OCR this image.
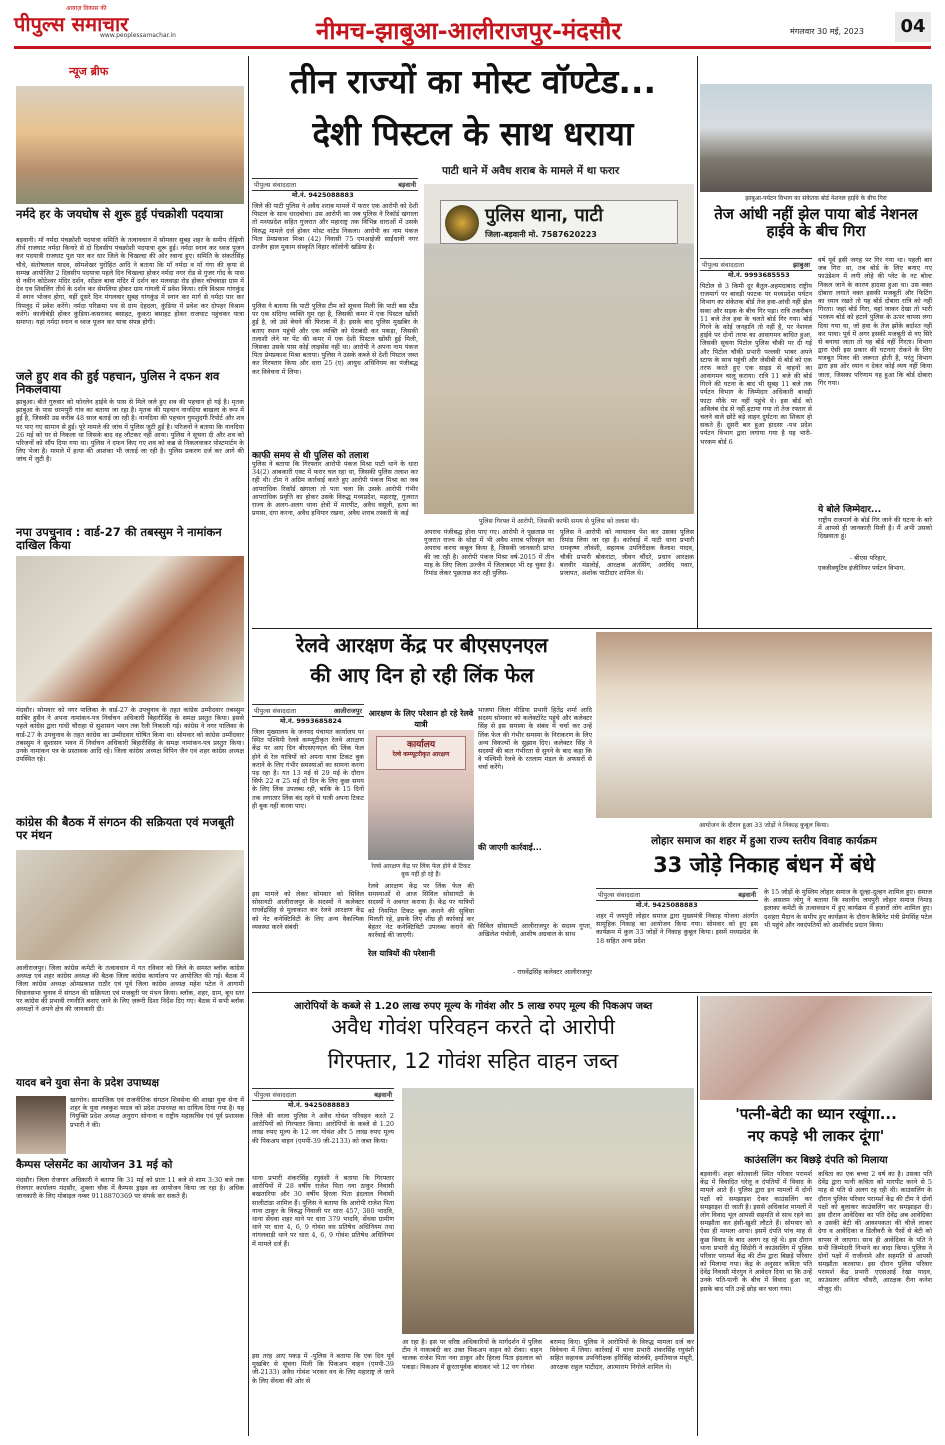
आवाज़ विकास की
पीपुल्स समाचार
www.peoplessamachar.in	नीमच-झाबुआ-आलीराजपुर-मंदसौर	मंगलवार 30 मई, 2023	04
न्यूज ब्रीफ
नर्मदे हर के जयघोष से शुरू हुई पंचक्रोशी पदयात्रा
बड़वानी। माँ नर्मदा पंचक्रोशी पदयात्रा समिति के तत्वावधान में सोमवार सुबह शहर के समीप रोहिणी तीर्थ राजघाट नर्मदा किनारे से दो दिवसीय पंचक्रोशी पदयात्रा शुरू हुई। नर्मदा स्नान कर ध्वज पूजन कर पदयात्री राजघाट पुल पार कर धार जिले के चिखल्दा की ओर रवाना हुए। समिति के संकर्तसिंह चौधे, संतोषलाल यादव, सोमशेखर पुरोहित आदि ने बताया कि माँ नर्मदा व माँ गंगा की कृपा से सम्पन्न आयोजित 2 दिवसीय पदयात्रा पहले दिन चिखल्दा होकर नर्मदा नगर रोड से गुजर गोद के पास से नवीन कोटेश्वर मंदिर दर्शन, सोंडल बावा मंदिर में दर्शन कर मलवाड़ा रोड होकर चोचवाड़ा ग्राम में देव एव शिवलिंग तीर्थ के दर्शन कर सेमलिया होकर ग्राम गांगली में प्रवेश किया। रात्रि विश्राम गांगकुंड में स्नान भोजन होगा, वहीं दूसरे दिन मंगलवार सुबह गांगकुंड में स्नान कर मार्ग से नर्मदा पार कर पिपलूद में प्रवेश करेंगे। नर्मदा परिक्रमा पथ से ग्राम देहदला, कुंडिया में प्रवेश कर दोपहर विश्राम करेंगे। कालीबेड़ी होकर कुंडिया-कसरावद बसाहट, कुकरा बसाहट होकर राजघाट पहुंचकर यात्रा समाप्त। यहां नर्मदा स्नान व ध्वज पूजन कर यात्रा संपन्न होगी।
जले हुए शव की हुई पहचान, पुलिस ने दफन शव निकलवाया
झाबुआ। बीते गुरुवार को फोरलेन हाईवे के पास से मिले जले हुए शव की पहचान हो गई है। मृतक झाबुआ के पास धरमपुरी गांव का बताया जा रहा है। मृतक की पहचान नानदिया बाखला के रूप में हुई है, जिसकी उम्र करीब 48 साल बताई जा रही है। नानदिया की पहचान गुमशुदगी रिपोर्ट और शव पर पाए गए सामान से हुई। पूरे मामले की जांच में पुलिस जुटी हुई है। परिजनों ने बताया कि नानदिया 26 मई को घर से निकला था जिसके बाद वह लौटकर नहीं आया। पुलिस ने सूचना दी और शव को परिजनों को सौंप दिया गया था। पुलिस ने दफन किए गए शव को कब्र से निकलवाकर पोस्टमार्टम के लिए भेजा है। मामले में हत्या की आशंका भी जताई जा रही है। पुलिस प्रकरण दर्ज कर आगे की जांच में जुटी है।
नपा उपचुनाव : वार्ड-27 की तबस्सुम ने नामांकन दाखिल किया
मंदसौर। सोमवार को नगर पालिका के वार्ड-27 के उपचुनाव के तहत कांग्रेस उम्मीदवार तबस्सुम साबिर हुसैन ने अपना नामांकन-पत्र निर्वाचन अधिकारी बिहारीसिंह के समक्ष प्रस्तुत किया। इससे पहले कांग्रेस द्वारा गांधी चौराहा से सुशासन भवन तक रैली निकाली गई। कांग्रेस ने नगर पालिका के वार्ड-27 के उपचुनाव के तहत कांग्रेस का उम्मीदवार घोषित किया था। सोमवार को कांग्रेस उम्मीदवार तबस्सुम ने सुशासन भवन में निर्वाचन अधिकारी बिहारीसिंह के समक्ष नामांकन-पत्र प्रस्तुत किया। उनके नामांकन पत्र के प्रस्तावक आदि रहे। जिला कांग्रेस अध्यक्ष विपिन जैन एवं शहर कांग्रेस अध्यक्ष उपस्थित रहे।
कांग्रेस की बैठक में संगठन की सक्रियता एवं मजबूती पर मंथन
आलीराजपुर। जिला कांग्रेस कमेटी के तत्वावधान में गत रविवार को जिले के समस्त ब्लॉक कांग्रेस अध्यक्ष एवं शहर कांग्रेस अध्यक्ष की बैठक जिला कांग्रेस कार्यालय पर आयोजित की गई। बैठक में जिला कांग्रेस अध्यक्ष ओमप्रकाश राठौर एवं पूर्व जिला कांग्रेस अध्यक्ष महेश पटेल ने आगामी विधानसभा चुनाव में संगठन की सक्रियता एवं मजबूती पर मंथन किया। ब्लॉक, शहर, ग्राम, बूथ स्तर पर कांग्रेस की प्रभावी रणनीति बनाए जाने के लिए ज़रूरी दिशा निर्देश दिए गए। बैठक में सभी ब्लॉक अध्यक्षों ने अपने क्षेत्र की जानकारी दी।
यादव बने युवा सेना के प्रदेश उपाध्यक्ष
खरगोन। सामाजिक एवं राजनीतिक संगठन शिवसेना की शाखा युवा सेना में शहर के युवा लवकुश यादव को प्रदेश उपाध्यक्ष का दायित्व दिया गया है। यह नियुक्ति प्रदेश अध्यक्ष अनुराग सोनाना व राष्ट्रीय महासचिव एवं पूर्व प्रशासक प्रभारी ने की।
कैम्पस प्लेसमेंट का आयोजन 31 मई को
मंदसौर। जिला रोजगार अधिकारी ने बताया कि 31 मई को प्रातः 11 बजे से शाम 3:30 बजे तक रोजगार कार्यालय मंदसौर, शुक्ला चौक में कैम्पस ड्राइव का आयोजन किया जा रहा है। अधिक जानकारी के लिए मोबाइल नम्बर 9118870369 पर संपर्क कर सकते हैं।
तीन राज्यों का मोस्ट वॉण्टेड...
देशी पिस्टल के साथ धराया
पाटी थाने में अवैध शराब के मामले में था फरार
पीपुल्स संवाददाता	बड़वानी
मो.नं. 9425088883
जिले की पाटी पुलिस ने अवैध शराब मामले में फरार एक आरोपी को देशी पिस्टल के साथ धरदबोचा। उस आरोपी का जब पुलिस ने रिकॉर्ड खंगाला तो मध्यप्रदेश सहित गुजरात और महाराष्ट्र तक विभिन्न धाराओं में उसके विरुद्ध मामले दर्ज होकर मोस्ट वांटेड निकला। आरोपी का नाम पंकज पिता प्रेमप्रकाश मिश्रा (42) निवासी 75 एमआईजी साईंधानी नगर उज्जैन हाल मुकाम संस्कृति विहार कॉलोनी खंडिया है।
पुलिस ने बताया कि पाटी पुलिस टीम को सूचना मिली कि पाटी बस स्टैंड पर एक संदिग्ध व्यक्ति घूम रहा है, जिसकी कमर में एक पिस्टल खोंसी हुई है, जो उसे बेचने की फिराक में है। इसके बाद पुलिस मुखबिर के बताए स्थान पहुंची और एक व्यक्ति को घेराबंदी कर पकड़ा, जिसकी तलाशी लेने पर पेंट की कमर में एक देशी पिस्टल खोंसी हुई मिली, जिसका उसके पास कोई लाइसेंस नहीं था। आरोपी ने अपना नाम पंकज पिता प्रेमप्रकाश मिश्रा बताया। पुलिस ने उसके कब्जे से देशी पिस्टल जब्त कर गिरफ्तार किया और धारा 25 (ए) आयुध अधिनियम का पंजीबद्ध कर विवेचना में लिया।
काफी समय से थी पुलिस को तलाश
पुलिस ने बताया कि गिरफ्तार आरोपी पंकज मिश्रा पाटी थाने के धारा 34(2) आबकारी एक्ट में फरार चल रहा था, जिसकी पुलिस तलाश कर रही थी। टीम ने अग्रिम कार्रवाई करते हुए आरोपी पंकज मिश्रा का जब आपराधिक रिकॉर्ड खंगाला तो पता चला कि उसके आरोपी गंभीर आपराधिक प्रवृत्ति का होकर उसके विरुद्ध मध्यप्रदेश, महाराष्ट्र, गुजरात राज्य के अलग-अलग थाना क्षेत्रों में मारपीट, अवैध वसूली, हत्या का प्रयास, दंगा करना, अवैध हथियार रखना, अवैध शराब तस्करी के कई
पुलिस थाना, पाटी
जिला-बड़वानी मो. 7587620223
पुलिस गिरफ्त में आरोपी, जिसकी काफी समय से पुलिस को तलाश थी।
अपराध पंजीबद्ध होना पाए गए। आरोपी ने पूछताछ पर गुजरात राज्य के थोड़ा में भी अवैध शराब परिवहन का अपराध करना कबूल किया है, जिसकी जानकारी प्राप्त की जा रही है। आरोपी पंकज मिश्रा वर्ष-2015 में तीन माह के लिए जिला उज्जैन में जिलाबदर भी रह चुका है। रिमांड लेकर पूछताछ कर रही पुलिस-
पुलिस ने आरोपी को न्यायालय पेश कर उसका पुलिस रिमांड लिया जा रहा है। कार्रवाई में पाटी थाना प्रभारी रामकृष्ण लौवंशी, सहायक उपनिरीक्षक कैलाश यादव, चौकी प्रभारी बोकराटा, जीवन चौंदरे, प्रधान आरक्षक बलवीर मंडलोई, आरक्षक अंतसिंग, अरविंद पवार, प्रजापत, अशोक पाटीदार शामिल थे।
झाबुआ-पर्यटन विभाग का संकेतक बोर्ड नेशनल हाईवे के बीच गिरा
तेज आंधी नहीं झेल पाया बोर्ड नेशनल हाईवे के बीच गिरा
पीपुल्स संवाददाता	झाबुआ
मो.नं. 9993685553
पिटोल से 3 किमी दूर बैतूल-अहमदाबाद राष्ट्रीय राजमार्ग पर बावड़ी फाटक पर मध्यप्रदेश पर्यटन विभाग का संकेतक बोर्ड तेज हवा-आंधी नहीं झेल सका और सड़क के बीच गिर पड़ा। रात्रि तकरीबन 11 बजे तेज हवा के चलते बोर्ड गिर गया। बोर्ड गिरने के कोई जनहानि तो नहीं है, पर नेशनल हाईवे पर दोनों तरफ का आवागमन बाधित हुआ, जिसकी सूचना पिटोल पुलिस चौकी पर दी गई और पिटोल चौकी प्रभारी पल्लवी भाबर अपने स्टाफ के साथ पहुंची और जेसीबी से बोर्ड को एक तरफ करते हुए एक साइड से वाहनों का आवागमन चालू कराया। रात्रि 11 बजे की बोर्ड गिरने की घटना के बाद भी सुबह 11 बजे तक पर्यटन विभाग के जिम्मेदार अधिकारी बावड़ी फाटा मौके पर नहीं पहुंचे थे। इस बोर्ड को अविलंब रोड से नहीं हटाया गया तो तेज रफ्तार से चलने वाले छोटे बड़े वाहन दुर्घटना का शिकार हो सकते हैं। दूसरी बार हुआ हादसा -पथ प्रदेश पर्यटन विभाग द्वारा लगाया गया है यह भारी-भरकम बोर्ड 6
वर्ष पूर्व इसी जगह पर गिर गया था। पहली बार जब गिरा था, तब बोर्ड के लिए बनाए गए फाउंडेशन में लगी लोहे की प्लेट के नट बोल्ट निकल जाने के कारण हादसा हुआ था। उस वक्त दोबारा लगाते वक्त इसकी मजबूती और फिटिंग का ध्यान रखते तो यह बोर्ड दोबारा रात्रि को नहीं गिरता। जहां बोर्ड गिरा, वहां जाकर देखा तो भारी भरकम बोर्ड को हटाने पुलिस के ऊपर चापस लगा दिया गया था, जो हवा के तेज झोंके बर्दाश्त नहीं कर पाया। पूर्व में अगर इसकी मजबूती से नए सिरे से बनाया जाता तो यह बोर्ड नहीं गिरता। विभाग द्वारा ऐसी इस प्रकार की घटनाएं रोकने के लिए मजबूत पिलर की जरूरत होती है, परंतु विभाग द्वारा इस ओर ध्यान न देकर कोई व्यय नहीं किया जाता, जिसका परिणाम यह हुआ कि बोर्ड दोबारा गिर गया।
ये बोले जिम्मेदार...
राष्ट्रीय राजमार्ग के बोर्ड गिर जाने की घटना के बारे में आपसे ही जानकारी मिली है। मैं अभी उसको दिखवाता हूं।
- बीएस परिहार,
एक्जीक्यूटिव इंजीनियर पर्यटन विभाग.
रेलवे आरक्षण केंद्र पर बीएसएनएल
की आए दिन हो रही लिंक फेल
पीपुल्स संवाददाता	आलीराजपुर
मो.नं. 9993685824
जिला मुख्यालय के जनपद पंचायत कार्यालय पर स्थित पश्चिमी रेलवे कम्प्यूटीकृत रेलवे आरक्षण केंद्र पर आए दिन बीएसएनएल की लिंक फेल होने से रेल यात्रियों को अपना यात्रा टिकट बुक कराने के लिए गंभीर समस्याओं का सामना करना पड़ रहा है। गत 13 मई से 29 मई के दौरान सिर्फ 22 व 25 मई दो दिन के लिए कुछ समय के लिए लिंक उपलब्ध रही, बाकि के 15 दिनों तक लगातार लिंक बंद रहने से यात्री अपना टिकट ही बुक नहीं करवा पाए।
इस मामले को लेकर सोमवार को सिविल सोसायटी आलीराजपुर के सदस्यों ने कलेक्टर राघवेंद्रसिंह से मुलाकात कर रेलवे आरक्षण केंद्र को नेट कनेक्टिविटी के लिए अन्य वैकल्पिक व्यवस्था करने संबंधी
आरक्षण के लिए परेशान हो रहे रेलवे यात्री
कार्यालय
रेल्वे कम्प्यूटरीकृत आरक्षण
रेलवे आरक्षण केंद्र पर लिंक फेल होने से टिकट बुक नहीं हो रहे हैं।
रेलवे आरक्षण केंद्र पर लिंक फेल की समस्याओं से आज सिविल सोसायटी के सदस्यों ने अवगत कराया है। केंद्र पर यात्रियों को नियमित टिकट बुक कराने की सुविधा मिलती रहे, इसके लिए शीघ्र ही कार्रवाई कर बेहतर नेट कनेक्टिविटी उपलब्ध कराने की कार्रवाई की जाएगी।
रेल यात्रियों की परेशानी
सिविल सोसायटी आलीराजपुर के सदस्य गुप्ता, अखिलेश पंचोली, आशीष अग्रवाल के साथ
भाजपा जिला मीडिया प्रभारी हितेंद्र शर्मा आदि सदस्य सोमवार को कलेक्टोरेट पहुंचे और कलेक्टर सिंह से इस समस्या के संबंध में चर्चा कर उन्हें लिंक फेल की गंभीर समस्या के निराकरण के लिए अन्य विकल्पों के सुझाव दिए। कलेक्टर सिंह ने सदस्यों की बात गंभीरता से सुनने के बाद कहा कि वे पश्चिमी रेलवे के रतलाम मंडल के अफसरों से चर्चा करेंगे।
की जाएगी कार्रवाई...
- राघवेंद्रसिंह कलेक्टर आलीराजपुर
आयोजन के दौरान हुआ 33 जोड़ों ने निकाह कुबूल किया।
लोहार समाज का शहर में हुआ राज्य स्तरीय विवाह कार्यक्रम
33 जोड़े निकाह बंधन में बंधे
पीपुल्स संवाददाता	बड़वानी
मो.नं. 9425088883
शहर में जयपुरी लोहार समाज द्वारा मुख्यमंत्री निकाह योजना अंतर्गत सामूहिक निकाह का आयोजन किया गया। सोमवार को हुए इस कार्यक्रम में कुल 33 जोड़ों ने निकाह कुबूल किया। इसमें मध्यप्रदेश के 18 सहित अन्य प्रदेश
के 15 जोड़ों के मुस्लिम लोहार समाज के दूल्हा-दुल्हन शामिल हुए। समाज के असलम जोगू ने बताया कि स्थानीय जयपुरी लोहार समाज निमाड़ इलाका कमेटी के तत्वावधान में हुए कार्यक्रम में हजारों लोग शामिल हुए। दशहरा मैदान के समीप हुए कार्यक्रम के दौरान कैबिनेट मंत्री प्रेमसिंह पटेल भी पहुंचे और नवदंपतियों को आशीर्वाद प्रदान किया।
आरोपियों के कब्जे से 1.20 लाख रुपए मूल्य के गोवंश और 5 लाख रुपए मूल्य की पिकअप जब्त
अवैध गोवंश परिवहन करते दो आरोपी
गिरफ्तार, 12 गोवंश सहित वाहन जब्त
पीपुल्स संवाददाता	बड़वानी
मो.नं. 9425088883
जिले की वरला पुलिस ने अवैध गोवंश परिवहन करते 2 आरोपियों को गिरफ्तार किया। आरोपियों के कब्जे से 1.20 लाख रुपए मूल्य के 12 नग गोवंश और 5 लाख रुपए मूल्य की पिकअप वाहन (एमपी-39 जी-2133) को जब्त किया।
थाना प्रभारी शंकरसिंह रघुवंशी ने बताया कि गिरफ्तार आरोपियों में 28 वर्षीय राजेश पिता नना ठाकुर निवासी बखतारिया और 30 वर्षीय हिरला पिता इंदलाल निवासी सालीटांडा शामिल हैं। पुलिस ने बताया कि आरोपी राजेश पिता नाना ठाकुर के विरुद्ध निवाली पर धारा 457, 380 भादवि, थाना सेंधवा शहर थाने पर धारा 379 भादवि, सेंधवा ग्रामीण थाने पर धारा 4, 6, 9 गोवंश वध प्रतिषेध अधिनियम तथा नांगलवाड़ी थाने पर धारा 4, 6, 9 गोवंश प्रतिषेध अधिनियम में मामले दर्ज हैं।
इस तरह आए पकड़ में -पुलिस ने बताया कि एक दिन पूर्व मुखबिर से सूचना मिली कि पिकअप वाहन (एमपी-39 जी-2133) अवैध गोवंश भरकर वन के लिए महाराष्ट्र ले जाने के लिए सेंधवा की ओर से
आ रहा है। इस पर वरिष्ठ अधिकारियों के मार्गदर्शन में पुलिस टीम ने नाकाबंदी कर उक्त पिकअप वाहन को रोका। वाहन चालक राजेश पिता नना ठाकुर और हिरला पिता इंदलाल को पकड़ा। पिकअप में क्रूरतापूर्वक बांधकर भरे 12 नग गोवंश
बरामद किए। पुलिस ने आरोपियों के विरुद्ध मामला दर्ज कर विवेचना में लिया। कार्रवाई में थाना प्रभारी शंकरसिंह रघुवंशी सहित सहायक उपनिरीक्षक हरिसिंह सोलंकी, इमतियाज मंसूरी, आरक्षक राहुल पाटीदार, आत्माराम निगोले शामिल थे।
'पत्नी-बेटी का ध्यान रखूंगा...
नए कपड़े भी लाकर दूंगा'
काउंसलिंग कर बिछड़े दंपति को मिलाया
बड़वानी। शहर कोतवाली स्थित परिवार परामर्श केंद्र में विवादित घरेलू व दंपतियों में विवाद के मामले आते हैं। पुलिस द्वारा इन मामलों में दोनों पक्षों को समझाइश देकर काउंसलिंग कर समझाइश दी जाती है। इससे अधिकांश मामलों में लोग विवाद भूल आपसी सहमति से साथ रहने का समझौता कर हंसी-खुशी लौटते हैं। सोमवार को ऐसा ही मामला आया। इसमें दंपति पांच माह से कुछ विवाद के बाद अलग रह रहे थे। इस दौरान थाना प्रभारी सेतु सिंदोरी ने काउंसलिंग में पुलिस परिवार परामर्श केंद्र की टीम द्वारा बिछड़े परिवार को मिलाया गया। केंद्र के अनुसार कविता पति देवेंद्र निवासी मोरगुन ने आवेदन दिया था कि उन्हें उनके पति-पत्नी के बीच में विवाद हुआ था, इसके बाद पति उन्हें छोड़ कर चला गया।
कविता का एक बच्चा 2 वर्ष का है। उसका पति देवेंद्र द्वारा पत्नी कविता को मारपीट करने से 5 माह से पति से अलग रह रही थी। काउंसलिंग के दौरान पुलिस परिवार परामर्श केंद्र की टीम ने दोनों पक्षों को बुलाकर काउंसलिंग कर समझाइश दी। इस दौरान आवेदिका का पति देवेंद्र अब आवेदिका व उसकी बेटी की आवश्यकता की चीजें लाकर देगा व आवेदिका व डिलीवरी के पैसों से बेटी को वापस ले जाएगा। साथ ही आवेदिका के पति ने सभी जिम्मेदारी निभाने का वादा किया। पुलिस ने दोनों पक्षों में राजीनामे और सहमति से आपसी समझौता करवाया। इस दौरान पुलिस परिवार परामर्श केंद्र प्रभारी एएसआई रेखा यादव, काउंसलर अनिता चौधरी, आरक्षक रीना कनेश मौजूद थी।
